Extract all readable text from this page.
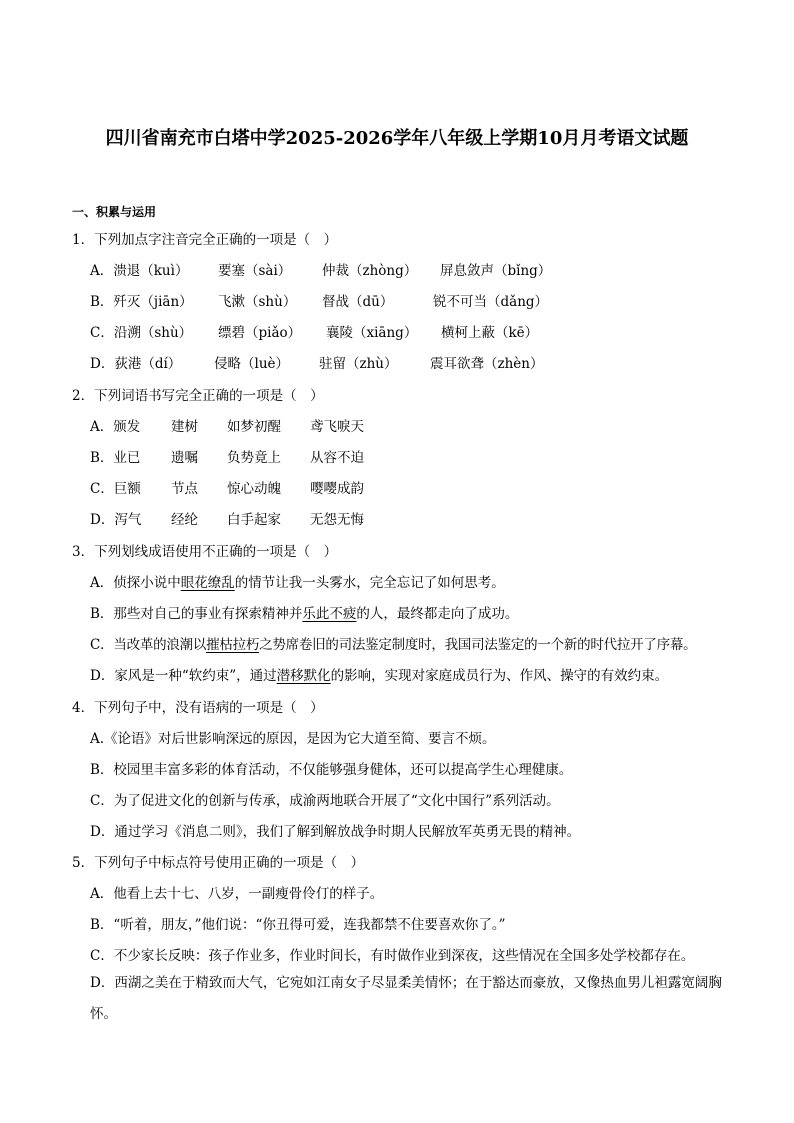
四川省南充市白塔中学2025-2026学年八年级上学期10月月考语文试题
一、积累与运用
1．下列加点字注音完全正确的一项是（　）
A．溃退（kuì） 要塞（sài） 仲裁（zhòng） 屏息敛声（bǐng）
B．歼灭（jiān） 飞漱（shù） 督战（dū）	锐不可当（dǎng）
C．沿溯（shù） 缥碧（piǎo） 襄陵（xiāng） 横柯上蔽（kē）
D．荻港（dí） 侵略（luè） 驻留（zhù） 震耳欲聋（zhèn）
2．下列词语书写完全正确的一项是（　）
A．颁发 建树 如梦初醒 鸢飞唳天
B．业已 遗嘱 负势竟上 从容不迫
C．巨额 节点 惊心动魄 嘤嘤成韵
D．泻气 经纶 白手起家 无怨无悔
3．下列划线成语使用不正确的一项是（　）
A．侦探小说中眼花缭乱的情节让我一头雾水，完全忘记了如何思考。
B．那些对自己的事业有探索精神并乐此不疲的人，最终都走向了成功。
C．当改革的浪潮以摧枯拉朽之势席卷旧的司法鉴定制度时，我国司法鉴定的一个新的时代拉开了序幕。
D．家风是一种“软约束”，通过潜移默化的影响，实现对家庭成员行为、作风、操守的有效约束。
4．下列句子中，没有语病的一项是（　）
A.《论语》对后世影响深远的原因，是因为它大道至简、要言不烦。
B．校园里丰富多彩的体育活动，不仅能够强身健体，还可以提高学生心理健康。
C．为了促进文化的创新与传承，成渝两地联合开展了“文化中国行”系列活动。
D．通过学习《消息二则》，我们了解到解放战争时期人民解放军英勇无畏的精神。
5．下列句子中标点符号使用正确的一项是（　）
A．他看上去十七、八岁，一副瘦骨伶仃的样子。
B．“听着，朋友，”他们说：“你丑得可爱，连我都禁不住要喜欢你了。”
C．不少家长反映：孩子作业多，作业时间长，有时做作业到深夜，这些情况在全国多处学校都存在。
D．西湖之美在于精致而大气，它宛如江南女子尽显柔美情怀；在于豁达而豪放，又像热血男儿袒露宽阔胸怀。
